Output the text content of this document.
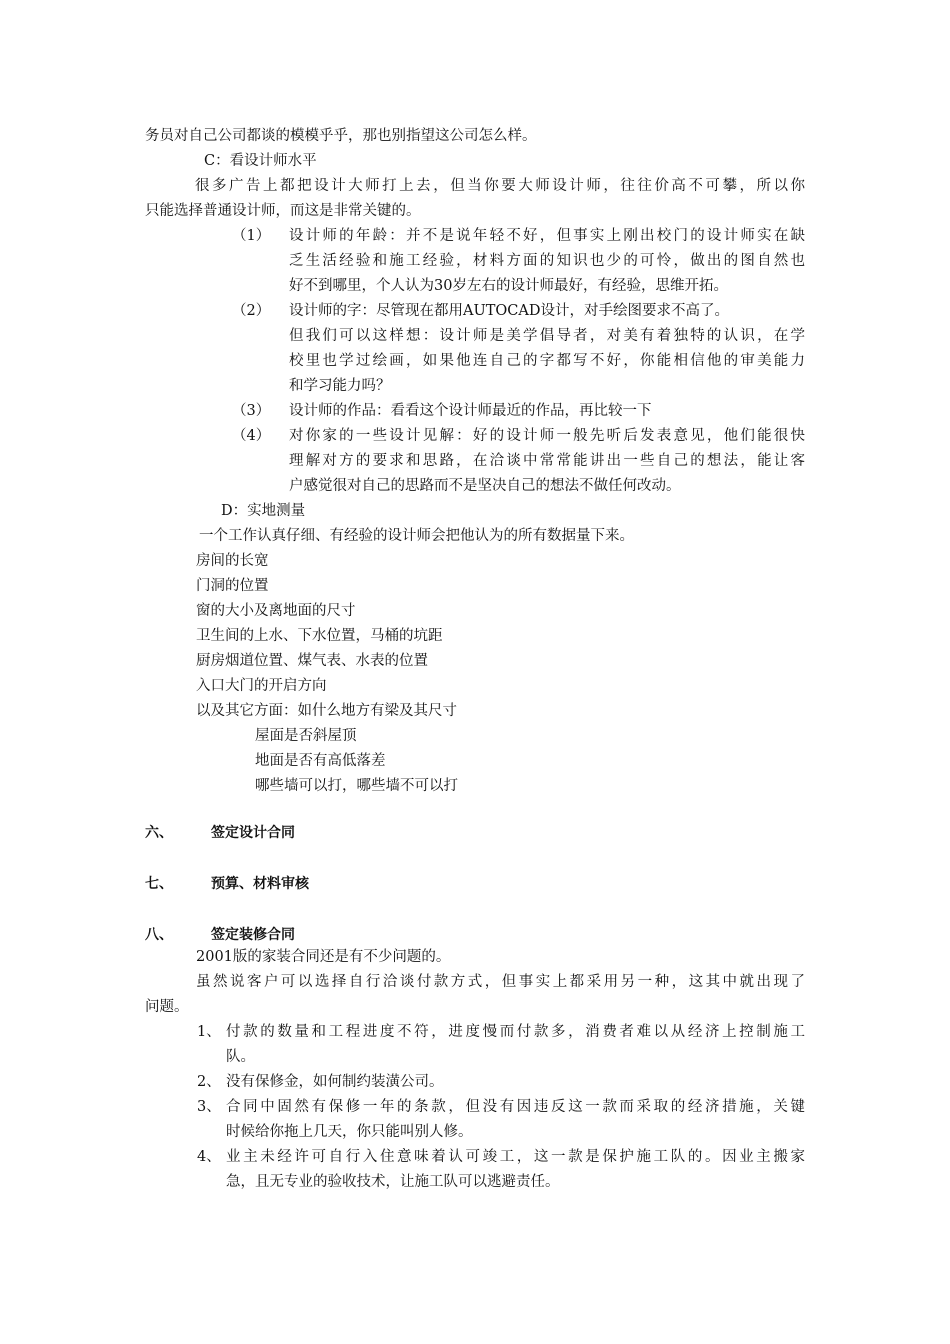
务员对自己公司都谈的模模乎乎，那也别指望这公司怎么样。
C：看设计师水平
很多广告上都把设计大师打上去，但当你要大师设计师，往往价高不可攀，所以你
只能选择普通设计师，而这是非常关键的。
（1） 设计师的年龄：并不是说年轻不好，但事实上刚出校门的设计师实在缺
乏生活经验和施工经验，材料方面的知识也少的可怜，做出的图自然也
好不到哪里，个人认为30岁左右的设计师最好，有经验，思维开拓。
（2） 设计师的字：尽管现在都用AUTOCAD设计，对手绘图要求不高了。
但我们可以这样想：设计师是美学倡导者，对美有着独特的认识，在学
校里也学过绘画，如果他连自己的字都写不好，你能相信他的审美能力
和学习能力吗？
（3） 设计师的作品：看看这个设计师最近的作品，再比较一下
（4） 对你家的一些设计见解：好的设计师一般先听后发表意见，他们能很快
理解对方的要求和思路，在洽谈中常常能讲出一些自己的想法，能让客
户感觉很对自己的思路而不是坚决自己的想法不做任何改动。
D：实地测量
一个工作认真仔细、有经验的设计师会把他认为的所有数据量下来。
房间的长宽
门洞的位置
窗的大小及离地面的尺寸
卫生间的上水、下水位置，马桶的坑距
厨房烟道位置、煤气表、水表的位置
入口大门的开启方向
以及其它方面：如什么地方有梁及其尺寸
屋面是否斜屋顶
地面是否有高低落差
哪些墙可以打，哪些墙不可以打
六、	签定设计合同
七、	预算、材料审核
八、	签定装修合同
2001版的家装合同还是有不少问题的。
虽然说客户可以选择自行洽谈付款方式，但事实上都采用另一种，这其中就出现了
问题。
1、 付款的数量和工程进度不符，进度慢而付款多，消费者难以从经济上控制施工
队。
2、 没有保修金，如何制约装潢公司。
3、 合同中固然有保修一年的条款，但没有因违反这一款而采取的经济措施，关键
时候给你拖上几天，你只能叫别人修。
4、 业主未经许可自行入住意味着认可竣工，这一款是保护施工队的。因业主搬家
急，且无专业的验收技术，让施工队可以逃避责任。
